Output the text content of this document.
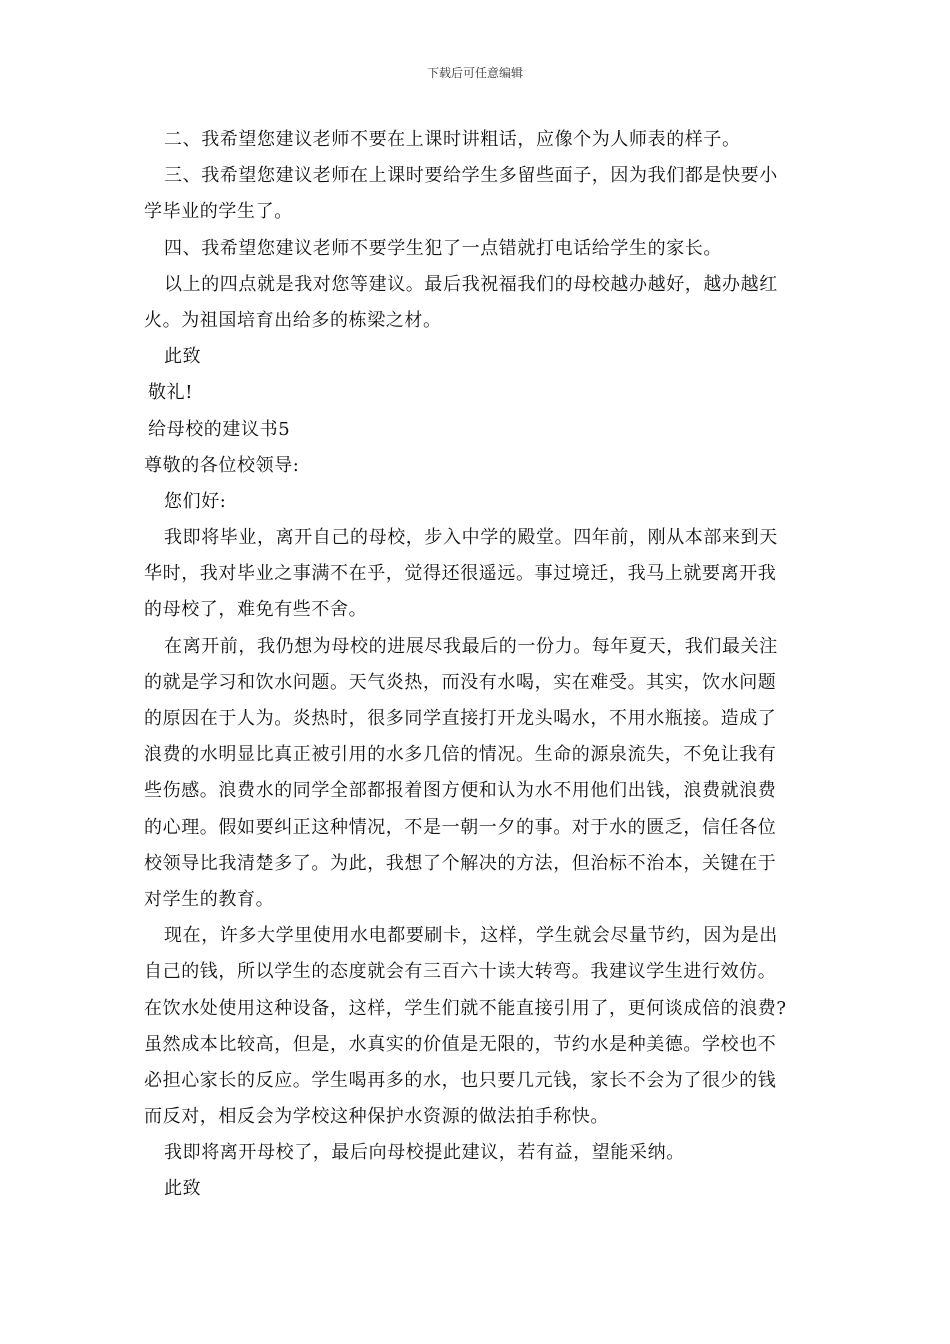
下载后可任意编辑
二、我希望您建议老师不要在上课时讲粗话，应像个为人师表的样子。
三、我希望您建议老师在上课时要给学生多留些面子，因为我们都是快要小
学毕业的学生了。
四、我希望您建议老师不要学生犯了一点错就打电话给学生的家长。
以上的四点就是我对您等建议。最后我祝福我们的母校越办越好，越办越红
火。为祖国培育出给多的栋梁之材。
此致
敬礼!
给母校的建议书5
尊敬的各位校领导:
您们好:
我即将毕业，离开自己的母校，步入中学的殿堂。四年前，刚从本部来到天
华时，我对毕业之事满不在乎，觉得还很遥远。事过境迁，我马上就要离开我
的母校了，难免有些不舍。
在离开前，我仍想为母校的进展尽我最后的一份力。每年夏天，我们最关注
的就是学习和饮水问题。天气炎热，而没有水喝，实在难受。其实，饮水问题
的原因在于人为。炎热时，很多同学直接打开龙头喝水，不用水瓶接。造成了
浪费的水明显比真正被引用的水多几倍的情况。生命的源泉流失，不免让我有
些伤感。浪费水的同学全部都报着图方便和认为水不用他们出钱，浪费就浪费
的心理。假如要纠正这种情况，不是一朝一夕的事。对于水的匮乏，信任各位
校领导比我清楚多了。为此，我想了个解决的方法，但治标不治本，关键在于
对学生的教育。
现在，许多大学里使用水电都要刷卡，这样，学生就会尽量节约，因为是出
自己的钱，所以学生的态度就会有三百六十读大转弯。我建议学生进行效仿。
在饮水处使用这种设备，这样，学生们就不能直接引用了，更何谈成倍的浪费?
虽然成本比较高，但是，水真实的价值是无限的，节约水是种美德。学校也不
必担心家长的反应。学生喝再多的水，也只要几元钱，家长不会为了很少的钱
而反对，相反会为学校这种保护水资源的做法拍手称快。
我即将离开母校了，最后向母校提此建议，若有益，望能采纳。
此致
